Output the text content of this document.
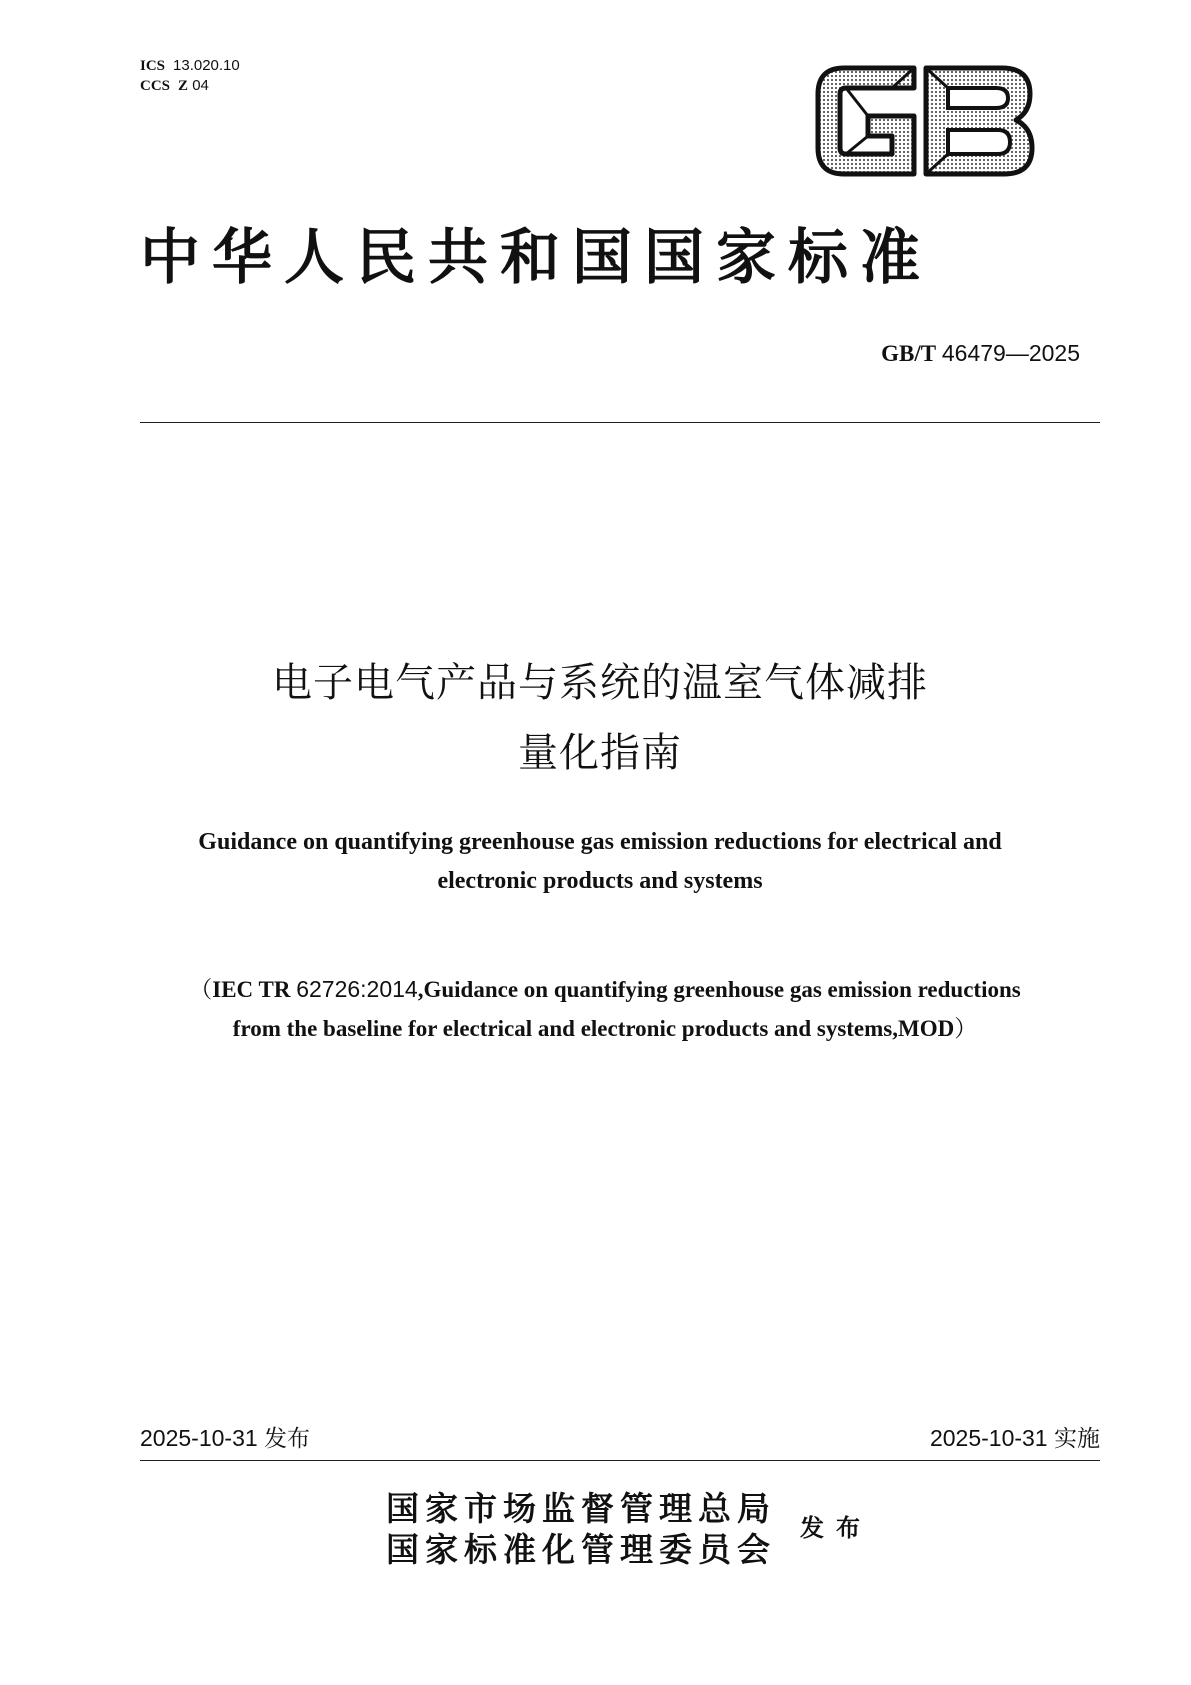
ICS 13.020.10
CCS Z 04
中华人民共和国国家标准
GB/T 46479—2025
电子电气产品与系统的温室气体减排
量化指南
Guidance on quantifying greenhouse gas emission reductions for electrical and
electronic products and systems
（IEC TR 62726:2014,Guidance on quantifying greenhouse gas emission reductions
from the baseline for electrical and electronic products and systems,MOD）
2025-10-31 发布	2025-10-31 实施
国家市场监督管理总局
国家标准化管理委员会
发布
